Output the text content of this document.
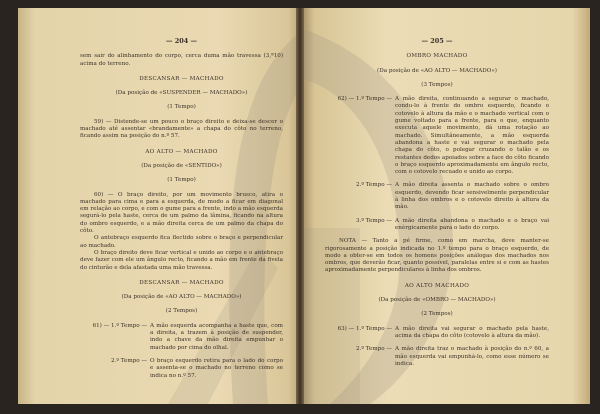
— 204 —

sem sair do alinhamento do corpo, cerca duma mão travessa (3,ª10) acima do terreno.

DESCANSAR — MACHADO
(Da posição de «SUSPENDER — MACHADO»)
(1 Tempo)

59) — Distende-se um pouco o braço direito e deixa-se descer o machado até assentar «brandamente» a chapa do côto no terreno, ficando assim na posição do n.º 57.

AO ALTO — MACHADO
(Da posição de «SENTIDO»)
(1 Tempo)

60) — O braço direito, por um movimento brusco, atira o machado para cima e para a esquerda, de modo a ficar em diagonal em relação ao corpo, e com o gume para a frente, indo a mão esquerda segurá-lo pela haste, cerca de um palmo da lâmina, ficando na altura do ombro esquerdo, e a mão direita cerca de um palmo da chapa do côto.

O antebraço esquerdo fica flectido sobre o braço e perpendicular ao machado.

O braço direito deve ficar vertical e unido ao corpo e o antebraço deve fazer com ele um ângulo recto, ficando a mão em frente da fivela do cinturão e dela afastada uma mão travessa.

DESCANSAR — MACHADO
(Da posição de «AO ALTO — MACHADO»)
(2 Tempos)
61) — 1.º Tempo — A mão esquerda acompanha a haste que, com a direita, a trazem à posição de suspender, indo a chave da mão direita empunhar o machado por cima do olhal.
2.º Tempo — O braço esquerdo retira para o lado do corpo e assenta-se o machado no terreno como se indica no n.º 57.
— 205 —
OMBRO MACHADO
(Da posição de «AO ALTO — MACHADO»)
(3 Tempos)
62) — 1.º Tempo — A mão direita, continuando a segurar o machado, condu-lo à frente do ombro esquerdo, ficando o cotovelo à altura da mão e o machado vertical com o gume voltado para a frente, para o que, enquanto executa aquele movimento, dá uma rotação ao machado. Simultâneamente, a mão esquerda abandona a haste e vai segurar o machado pela chapa do côto, o polegar cruzando o talão e os restantes dedos apoiados sobre a face do côto ficando o braço esquerdo aproximadamente em ângulo recto, com o cotovelo recuado e unido ao corpo.
2.º Tempo — A mão direita assenta o machado sobre o ombro esquerdo, devendo ficar sensivelmente perpendicular à linha dos ombros e o cotovelo direito à altura da mão.
3.º Tempo — A mão direita abandona o machado e o braço vai enèrgicamente para o lado do corpo.

NOTA — Tanto a pé firme, como em marcha, deve manter-se rigorosamente a posição indicada no 1.º tempo para o braço esquerdo, de modo a obter-se em todos os homens posições análogas dos machados nos ombros, que deverão ficar, quanto possível, paralelas entre si e com as hastes aproximadamente perpendiculares à linha dos ombros.

AO ALTO MACHADO
(Da posição de «OMBRO — MACHADO»)
(2 Tempos)
63) — 1.º Tempo — A mão direita vai segurar o machado pela haste, acima da chapa do côto (cotovelo à altura da mão).
2.º Tempo — A mão direita traz o machado à posição do n.º 60, a mão esquerda vai empunhá-lo, como esse número se indica.
